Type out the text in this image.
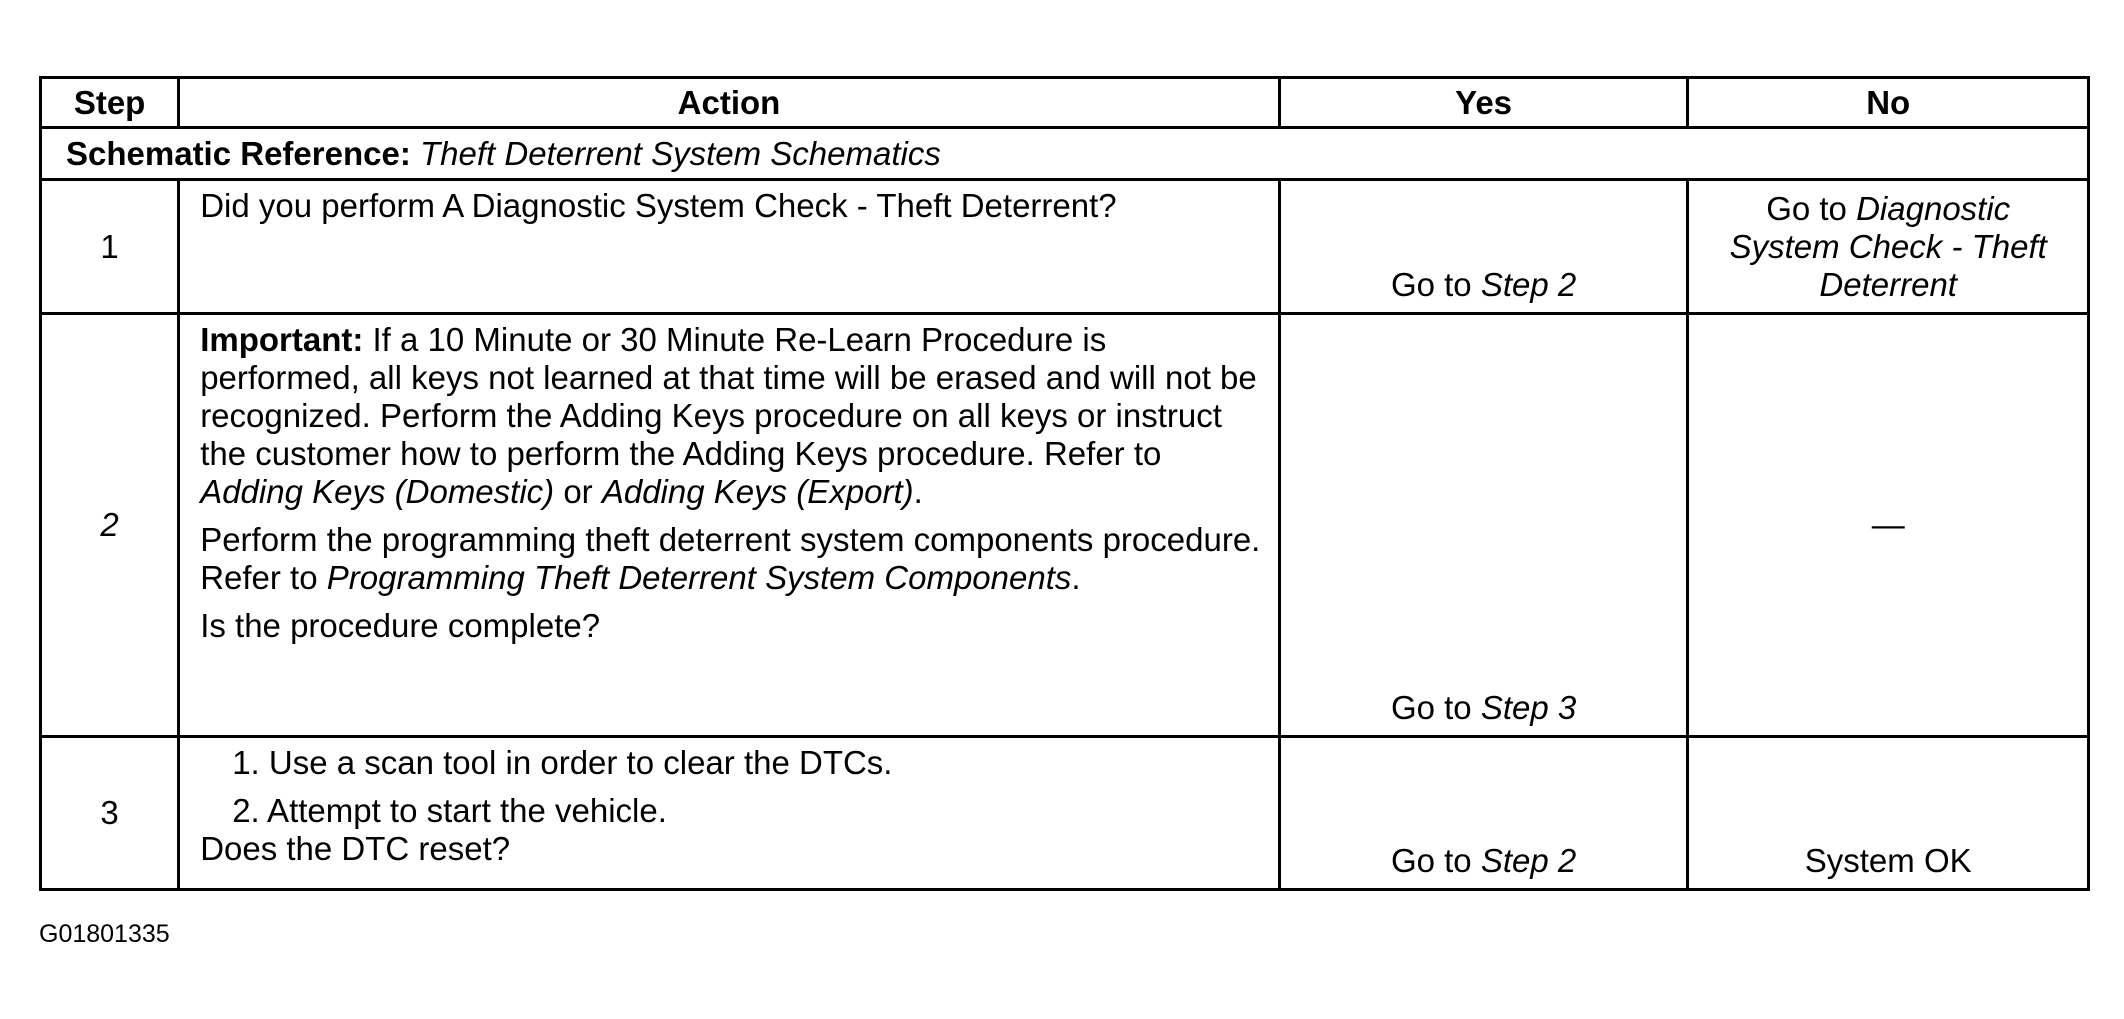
Step	Action	Yes	No
Schematic Reference: Theft Deterrent System Schematics			
1	Did you perform A Diagnostic System Check - Theft Deterrent?	Go to Step 2	Go to Diagnostic
System Check - Theft
Deterrent

2	Important: If a 10 Minute or 30 Minute Re-Learn Procedure is performed, all keys not learned at that time will be erased and will not be recognized. Perform the Adding Keys procedure on all keys or instruct the customer how to perform the Adding Keys procedure. Refer to Adding Keys (Domestic) or Adding Keys (Export).

Perform the programming theft deterrent system components procedure. Refer to Programming Theft Deterrent System Components.

Is the procedure complete?	Go to Step 3	—
3	1. Use a scan tool in order to clear the DTCs.
2. Attempt to start the vehicle.

Does the DTC reset?	Go to Step 2	System OK
G01801335
